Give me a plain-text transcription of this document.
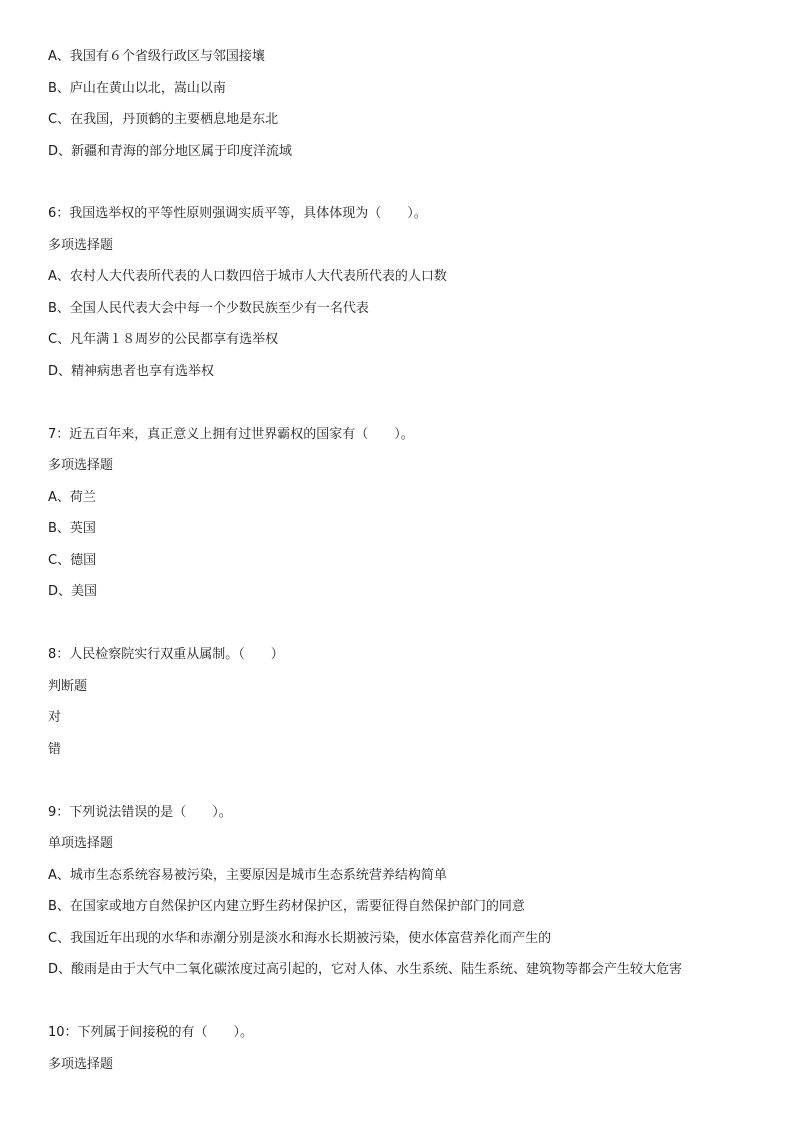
A、我国有６个省级行政区与邻国接壤
B、庐山在黄山以北，嵩山以南
C、在我国，丹顶鹤的主要栖息地是东北
D、新疆和青海的部分地区属于印度洋流域
6：我国选举权的平等性原则强调实质平等，具体体现为（　　）。
多项选择题
A、农村人大代表所代表的人口数四倍于城市人大代表所代表的人口数
B、全国人民代表大会中每一个少数民族至少有一名代表
C、凡年满１８周岁的公民都享有选举权
D、精神病患者也享有选举权
7：近五百年来，真正意义上拥有过世界霸权的国家有（　　）。
多项选择题
A、荷兰
B、英国
C、德国
D、美国
8：人民检察院实行双重从属制。（　　）
判断题
对
错
9：下列说法错误的是（　　）。
单项选择题
A、城市生态系统容易被污染，主要原因是城市生态系统营养结构简单
B、在国家或地方自然保护区内建立野生药材保护区，需要征得自然保护部门的同意
C、我国近年出现的水华和赤潮分别是淡水和海水长期被污染，使水体富营养化而产生的
D、酸雨是由于大气中二氧化碳浓度过高引起的，它对人体、水生系统、陆生系统、建筑物等都会产生较大危害
10：下列属于间接税的有（　　）。
多项选择题
